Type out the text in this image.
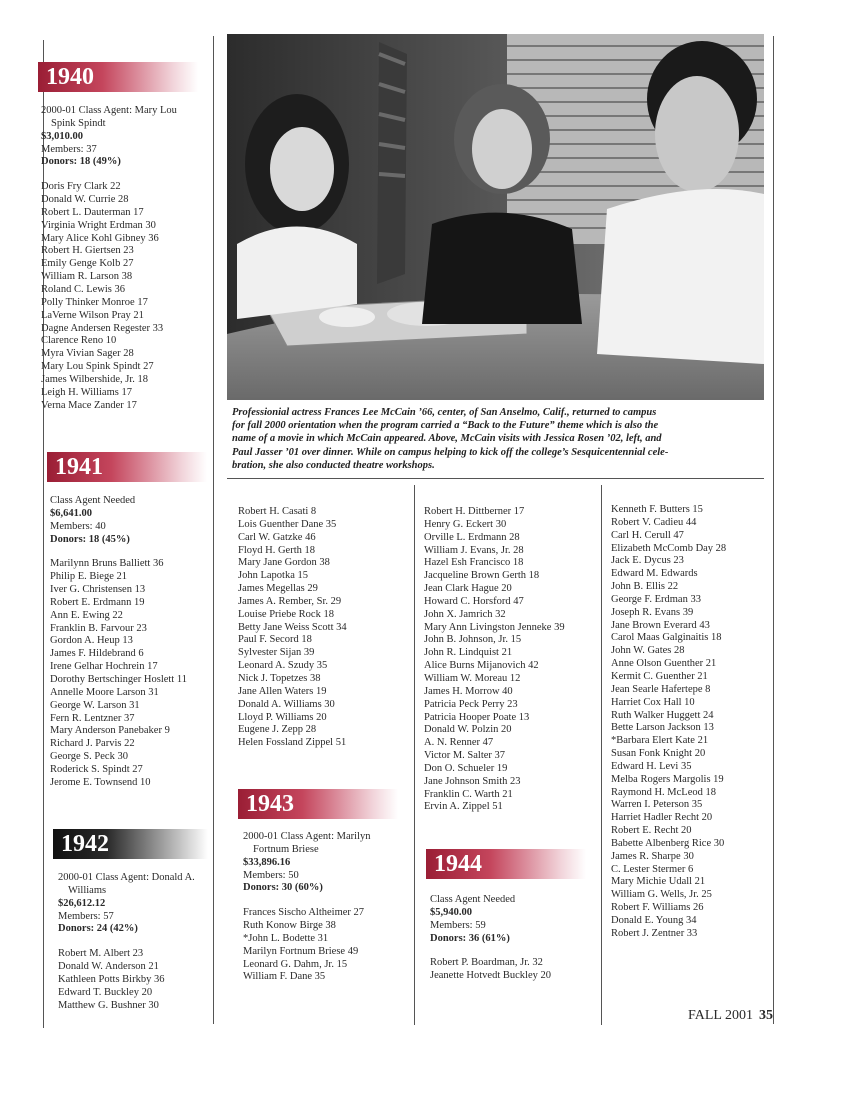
Professionial actress Frances Lee McCain ’66, center, of San Anselmo, Calif., returned to campus
for fall 2000 orientation when the program carried a “Back to the Future” theme which is also the
name of a movie in which McCain appeared. Above, McCain visits with Jessica Rosen ’02, left, and
Paul Jasser ’01 over dinner. While on campus helping to kick off the college’s Sesquicentennial cele-
bration, she also conducted theatre workshops.
1940
2000-01 Class Agent: Mary Lou
Spink Spindt
$3,010.00
Members: 37
Donors: 18 (49%)
Doris Fry Clark 22
Donald W. Currie 28
Robert L. Dauterman 17
Virginia Wright Erdman 30
Mary Alice Kohl Gibney 36
Robert H. Giertsen 23
Emily Genge Kolb 27
William R. Larson 38
Roland C. Lewis 36
Polly Thinker Monroe 17
LaVerne Wilson Pray 21
Dagne Andersen Regester 33
Clarence Reno 10
Myra Vivian Sager 28
Mary Lou Spink Spindt 27
James Wilbershide, Jr. 18
Leigh H. Williams 17
Verna Mace Zander 17
1941
Class Agent Needed
$6,641.00
Members: 40
Donors: 18 (45%)
Marilynn Bruns Balliett 36
Philip E. Biege 21
Iver G. Christensen 13
Robert E. Erdmann 19
Ann E. Ewing 22
Franklin B. Farvour 23
Gordon A. Heup 13
James F. Hildebrand 6
Irene Gelhar Hochrein 17
Dorothy Bertschinger Hoslett 11
Annelle Moore Larson 31
George W. Larson 31
Fern R. Lentzner 37
Mary Anderson Panebaker 9
Richard J. Parvis 22
George S. Peck 30
Roderick S. Spindt 27
Jerome E. Townsend 10
Robert H. Casati 8
Lois Guenther Dane 35
Carl W. Gatzke 46
Floyd H. Gerth 18
Mary Jane Gordon 38
John Lapotka 15
James Megellas 29
James A. Rember, Sr. 29
Louise Priebe Rock 18
Betty Jane Weiss Scott 34
Paul F. Secord 18
Sylvester Sijan 39
Leonard A. Szudy 35
Nick J. Topetzes 38
Jane Allen Waters 19
Donald A. Williams 30
Lloyd P. Williams 20
Eugene J. Zepp 28
Helen Fossland Zippel 51
1942
2000-01 Class Agent: Donald A.
Williams
$26,612.12
Members: 57
Donors: 24 (42%)
Robert M. Albert 23
Donald W. Anderson 21
Kathleen Potts Birkby 36
Edward T. Buckley 20
Matthew G. Bushner 30
1943
2000-01 Class Agent: Marilyn
Fortnum Briese
$33,896.16
Members: 50
Donors: 30 (60%)
Frances Sischo Altheimer 27
Ruth Konow Birge 38
*John L. Bodette 31
Marilyn Fortnum Briese 49
Leonard G. Dahm, Jr. 15
William F. Dane 35
Robert H. Dittberner 17
Henry G. Eckert 30
Orville L. Erdmann 28
William J. Evans, Jr. 28
Hazel Esh Francisco 18
Jacqueline Brown Gerth 18
Jean Clark Hague 20
Howard C. Horsford 47
John X. Jamrich 32
Mary Ann Livingston Jenneke 39
John B. Johnson, Jr. 15
John R. Lindquist 21
Alice Burns Mijanovich 42
William W. Moreau 12
James H. Morrow 40
Patricia Peck Perry 23
Patricia Hooper Poate 13
Donald W. Polzin 20
A. N. Renner 47
Victor M. Salter 37
Don O. Schueler 19
Jane Johnson Smith 23
Franklin C. Warth 21
Ervin A. Zippel 51
1944
Class Agent Needed
$5,940.00
Members: 59
Donors: 36 (61%)
Robert P. Boardman, Jr. 32
Jeanette Hotvedt Buckley 20
Kenneth F. Butters 15
Robert V. Cadieu 44
Carl H. Cerull 47
Elizabeth McComb Day 28
Jack E. Dycus 23
Edward M. Edwards
John B. Ellis 22
George F. Erdman 33
Joseph R. Evans 39
Jane Brown Everard 43
Carol Maas Galginaitis 18
John W. Gates 28
Anne Olson Guenther 21
Kermit C. Guenther 21
Jean Searle Hafertepe 8
Harriet Cox Hall 10
Ruth Walker Huggett 24
Bette Larson Jackson 13
*Barbara Elert Kate 21
Susan Fonk Knight 20
Edward H. Levi 35
Melba Rogers Margolis 19
Raymond H. McLeod 18
Warren I. Peterson 35
Harriet Hadler Recht 20
Robert E. Recht 20
Babette Albenberg Rice 30
James R. Sharpe 30
C. Lester Stermer 6
Mary Michie Udall 21
William G. Wells, Jr. 25
Robert F. Williams 26
Donald E. Young 34
Robert J. Zentner 33
FALL 2001 35
